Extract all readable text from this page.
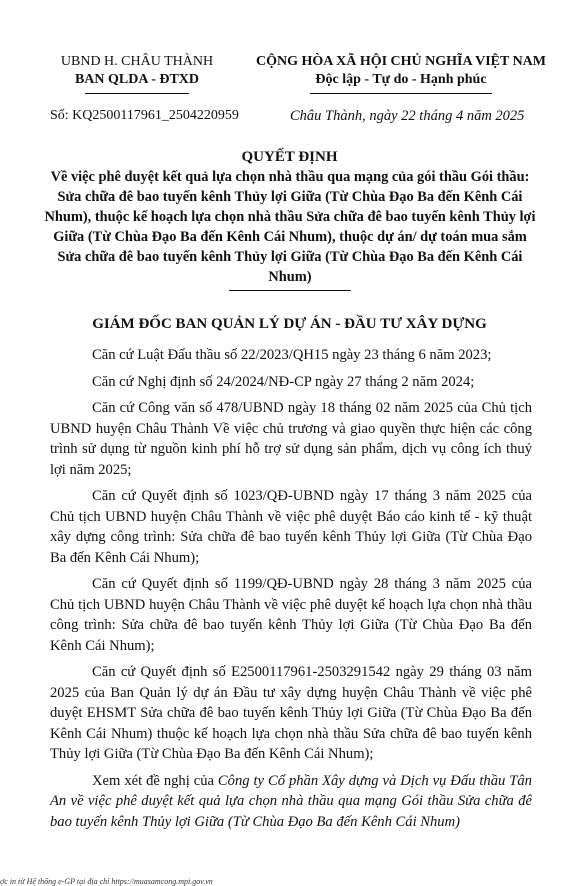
UBND H. CHÂU THÀNH
BAN QLDA - ĐTXD
CỘNG HÒA XÃ HỘI CHỦ NGHĨA VIỆT NAM
Độc lập - Tự do - Hạnh phúc
Số: KQ2500117961_2504220959	Châu Thành, ngày 22 tháng 4 năm 2025
QUYẾT ĐỊNH
Về việc phê duyệt kết quả lựa chọn nhà thầu qua mạng của gói thầu Gói thầu: Sửa chữa đê bao tuyến kênh Thủy lợi Giữa (Từ Chùa Đạo Ba đến Kênh Cái Nhum), thuộc kế hoạch lựa chọn nhà thầu Sửa chữa đê bao tuyến kênh Thủy lợi Giữa (Từ Chùa Đạo Ba đến Kênh Cái Nhum), thuộc dự án/ dự toán mua sắm Sửa chữa đê bao tuyến kênh Thủy lợi Giữa (Từ Chùa Đạo Ba đến Kênh Cái Nhum)
GIÁM ĐỐC BAN QUẢN LÝ DỰ ÁN - ĐẦU TƯ XÂY DỰNG

Căn cứ Luật Đấu thầu số 22/2023/QH15 ngày 23 tháng 6 năm 2023;

Căn cứ Nghị định số 24/2024/NĐ-CP ngày 27 tháng 2 năm 2024;

Căn cứ Công văn số 478/UBND ngày 18 tháng 02 năm 2025 của Chủ tịch UBND huyện Châu Thành Về việc chủ trương và giao quyền thực hiện các công trình sử dụng từ nguồn kinh phí hỗ trợ sử dụng sản phẩm, dịch vụ công ích thuỷ lợi năm 2025;

Căn cứ Quyết định số 1023/QĐ-UBND ngày 17 tháng 3 năm 2025 của Chủ tịch UBND huyện Châu Thành về việc phê duyệt Báo cáo kinh tế - kỹ thuật xây dựng công trình: Sửa chữa đê bao tuyến kênh Thủy lợi Giữa (Từ Chùa Đạo Ba đến Kênh Cái Nhum);

Căn cứ Quyết định số 1199/QĐ-UBND ngày 28 tháng 3 năm 2025 của Chủ tịch UBND huyện Châu Thành về việc phê duyệt kế hoạch lựa chọn nhà thầu công trình: Sửa chữa đê bao tuyến kênh Thủy lợi Giữa (Từ Chùa Đạo Ba đến Kênh Cái Nhum);

Căn cứ Quyết định số E2500117961-2503291542 ngày 29 tháng 03 năm 2025 của Ban Quản lý dự án Đầu tư xây dựng huyện Châu Thành về việc phê duyệt EHSMT Sửa chữa đê bao tuyến kênh Thủy lợi Giữa (Từ Chùa Đạo Ba đến Kênh Cái Nhum) thuộc kế hoạch lựa chọn nhà thầu Sửa chữa đê bao tuyến kênh Thủy lợi Giữa (Từ Chùa Đạo Ba đến Kênh Cái Nhum);

Xem xét đề nghị của Công ty Cổ phần Xây dựng và Dịch vụ Đấu thầu Tân An về việc phê duyệt kết quả lựa chọn nhà thầu qua mạng Gói thầu Sửa chữa đê bao tuyến kênh Thủy lợi Giữa (Từ Chùa Đạo Ba đến Kênh Cái Nhum)

ợc in từ Hệ thống e-GP tại địa chỉ https://muasamcong.mpi.gov.vn
